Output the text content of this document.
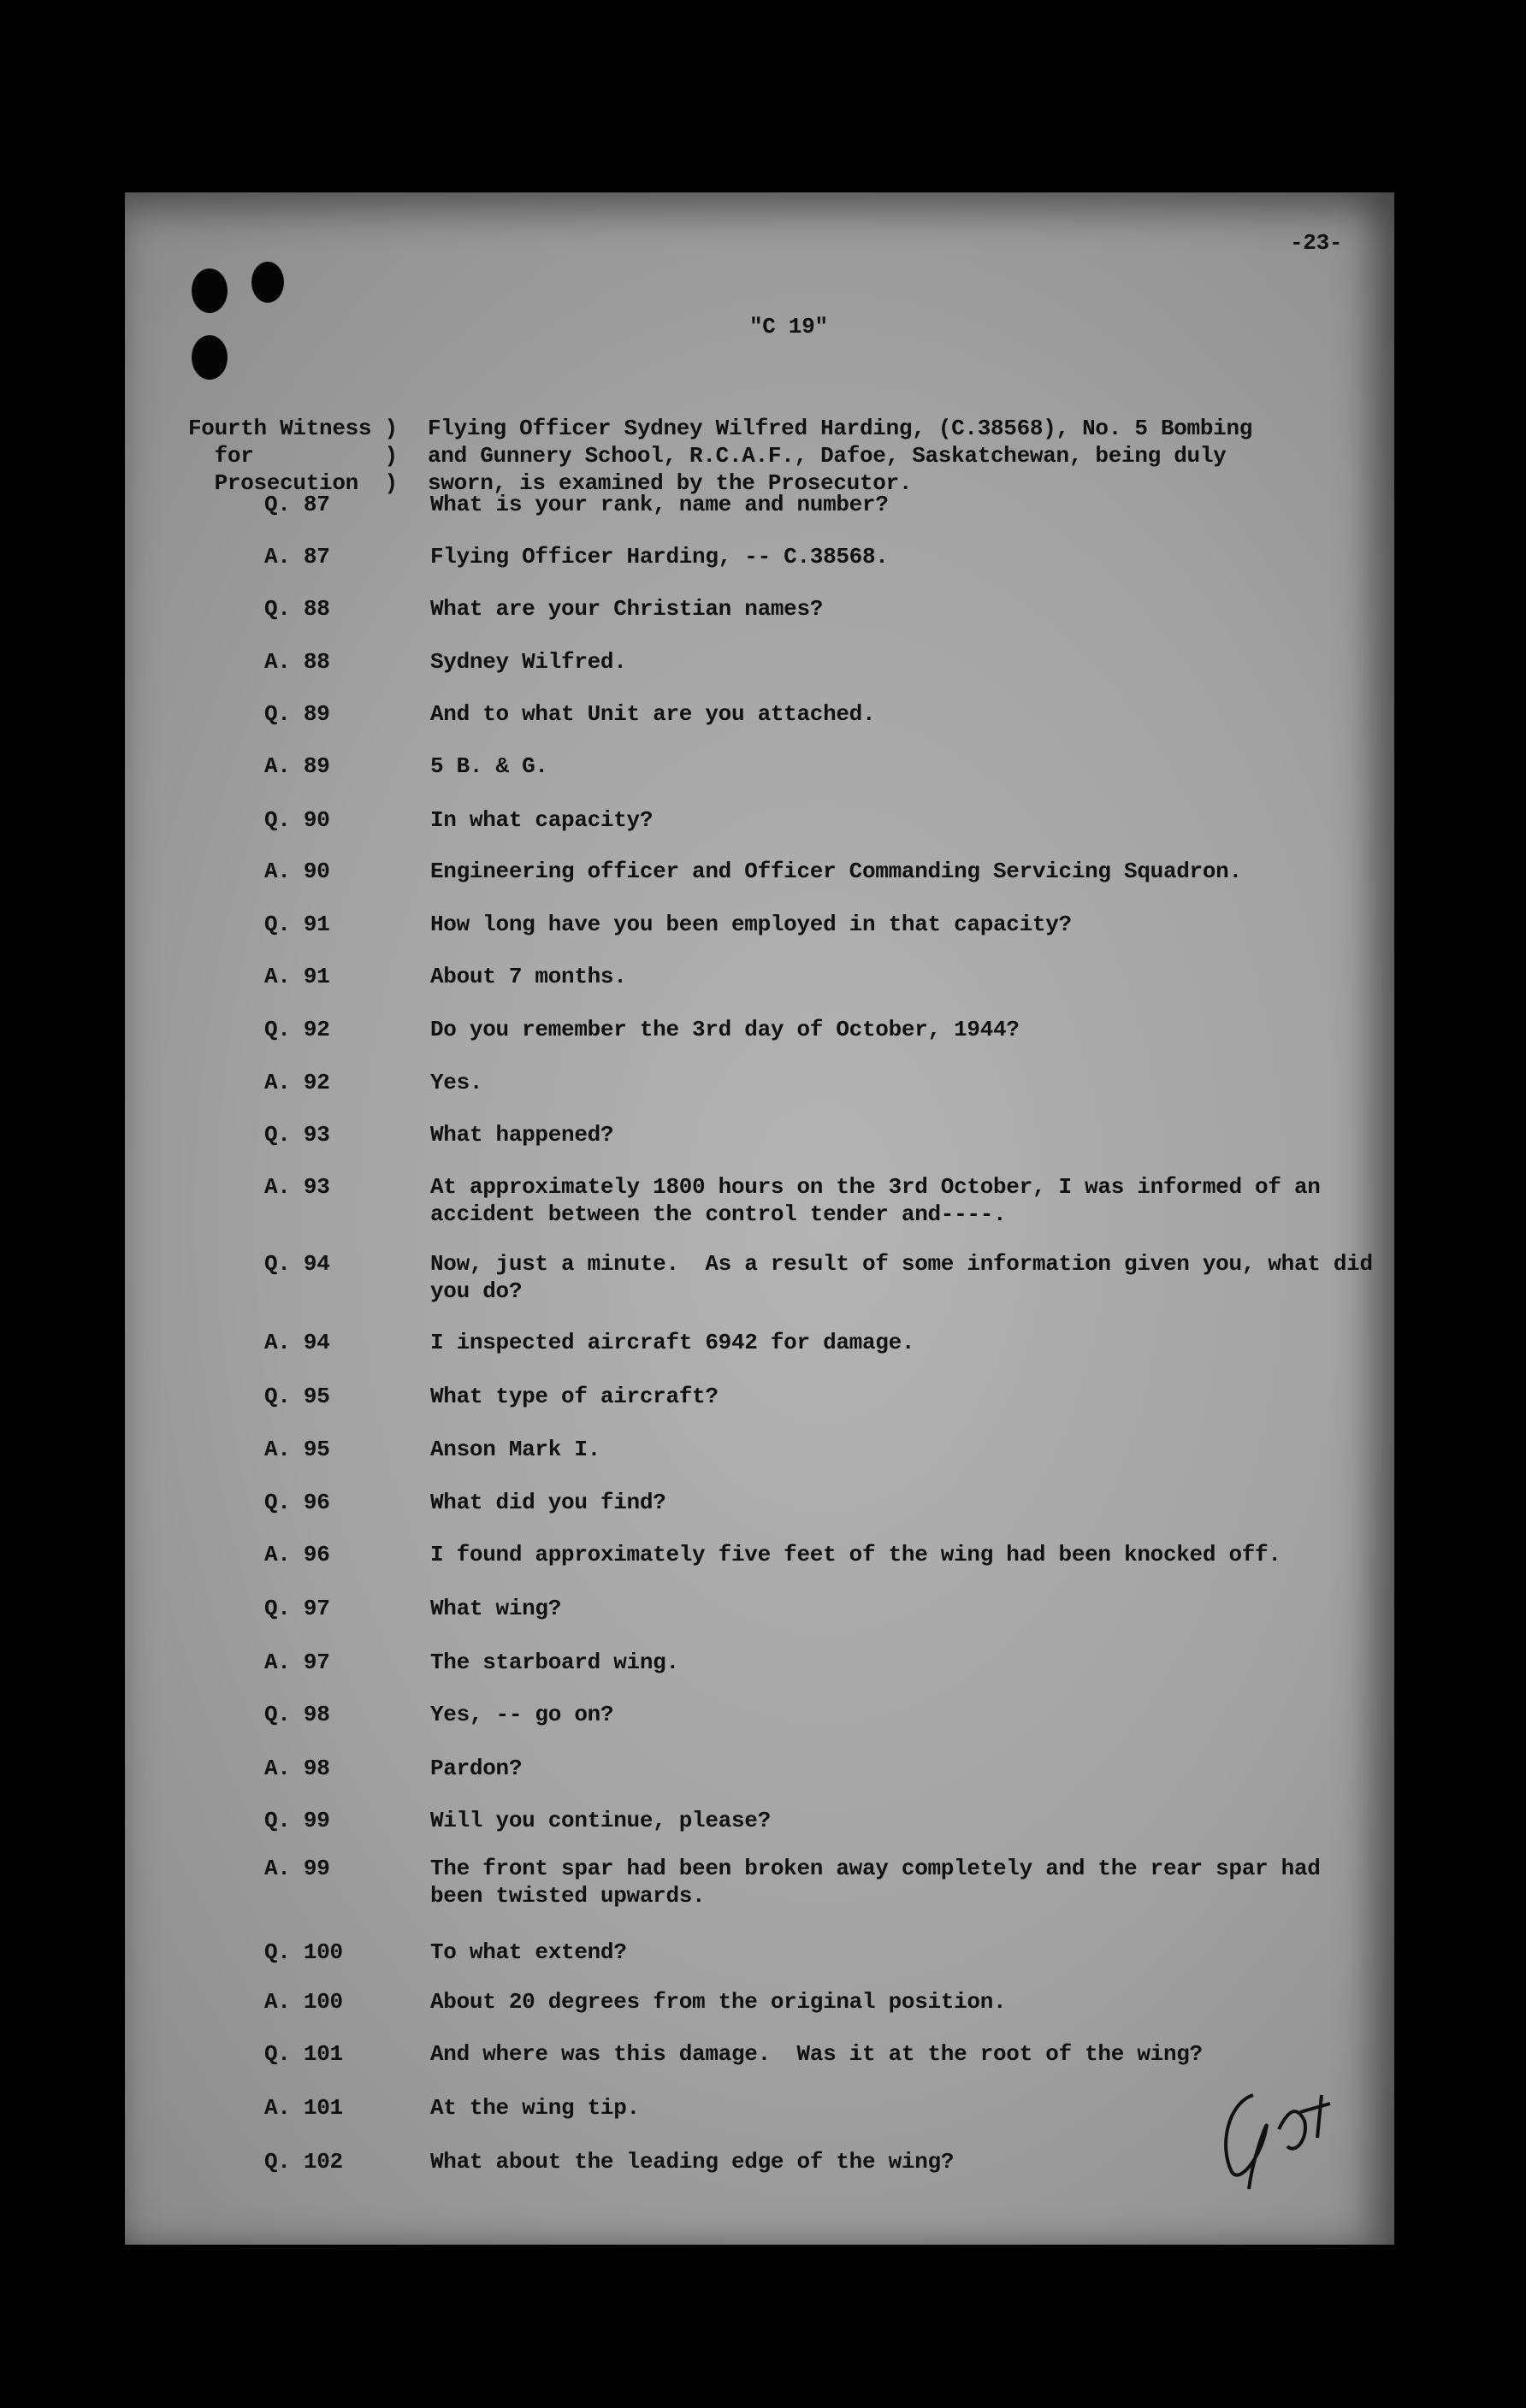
-23-
"C 19"

Fourth Witness )
for          )
Prosecution  )

Flying Officer Sydney Wilfred Harding, (C.38568), No. 5 Bombing
and Gunnery School, R.C.A.F., Dafoe, Saskatchewan, being duly
sworn, is examined by the Prosecutor.
Q. 87	What is your rank, name and number?
A. 87	Flying Officer Harding, -- C.38568.
Q. 88	What are your Christian names?
A. 88	Sydney Wilfred.
Q. 89	And to what Unit are you attached.
A. 89	5 B. & G.
Q. 90	In what capacity?
A. 90	Engineering officer and Officer Commanding Servicing Squadron.
Q. 91	How long have you been employed in that capacity?
A. 91	About 7 months.
Q. 92	Do you remember the 3rd day of October, 1944?
A. 92	Yes.
Q. 93	What happened?
A. 93	At approximately 1800 hours on the 3rd October, I was informed of an
accident between the control tender and----.
Q. 94	Now, just a minute.  As a result of some information given you, what did
you do?
A. 94	I inspected aircraft 6942 for damage.
Q. 95	What type of aircraft?
A. 95	Anson Mark I.
Q. 96	What did you find?
A. 96	I found approximately five feet of the wing had been knocked off.
Q. 97	What wing?
A. 97	The starboard wing.
Q. 98	Yes, -- go on?
A. 98	Pardon?
Q. 99	Will you continue, please?
A. 99	The front spar had been broken away completely and the rear spar had
been twisted upwards.
Q. 100	To what extend?
A. 100	About 20 degrees from the original position.
Q. 101	And where was this damage.  Was it at the root of the wing?
A. 101	At the wing tip.
Q. 102	What about the leading edge of the wing?
